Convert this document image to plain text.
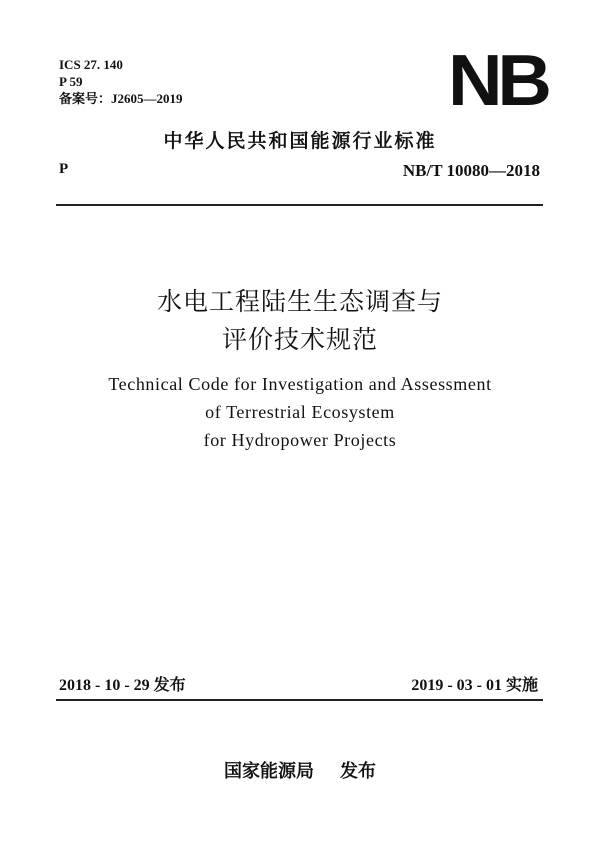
ICS 27. 140
P 59
备案号：J2605—2019	NB
中华人民共和国能源行业标准
P	NB/T 10080—2018
水电工程陆生生态调查与
评价技术规范
Technical Code for Investigation and Assessment
of Terrestrial Ecosystem
for Hydropower Projects
2018 - 10 - 29 发布	2019 - 03 - 01 实施
国家能源局 发布
